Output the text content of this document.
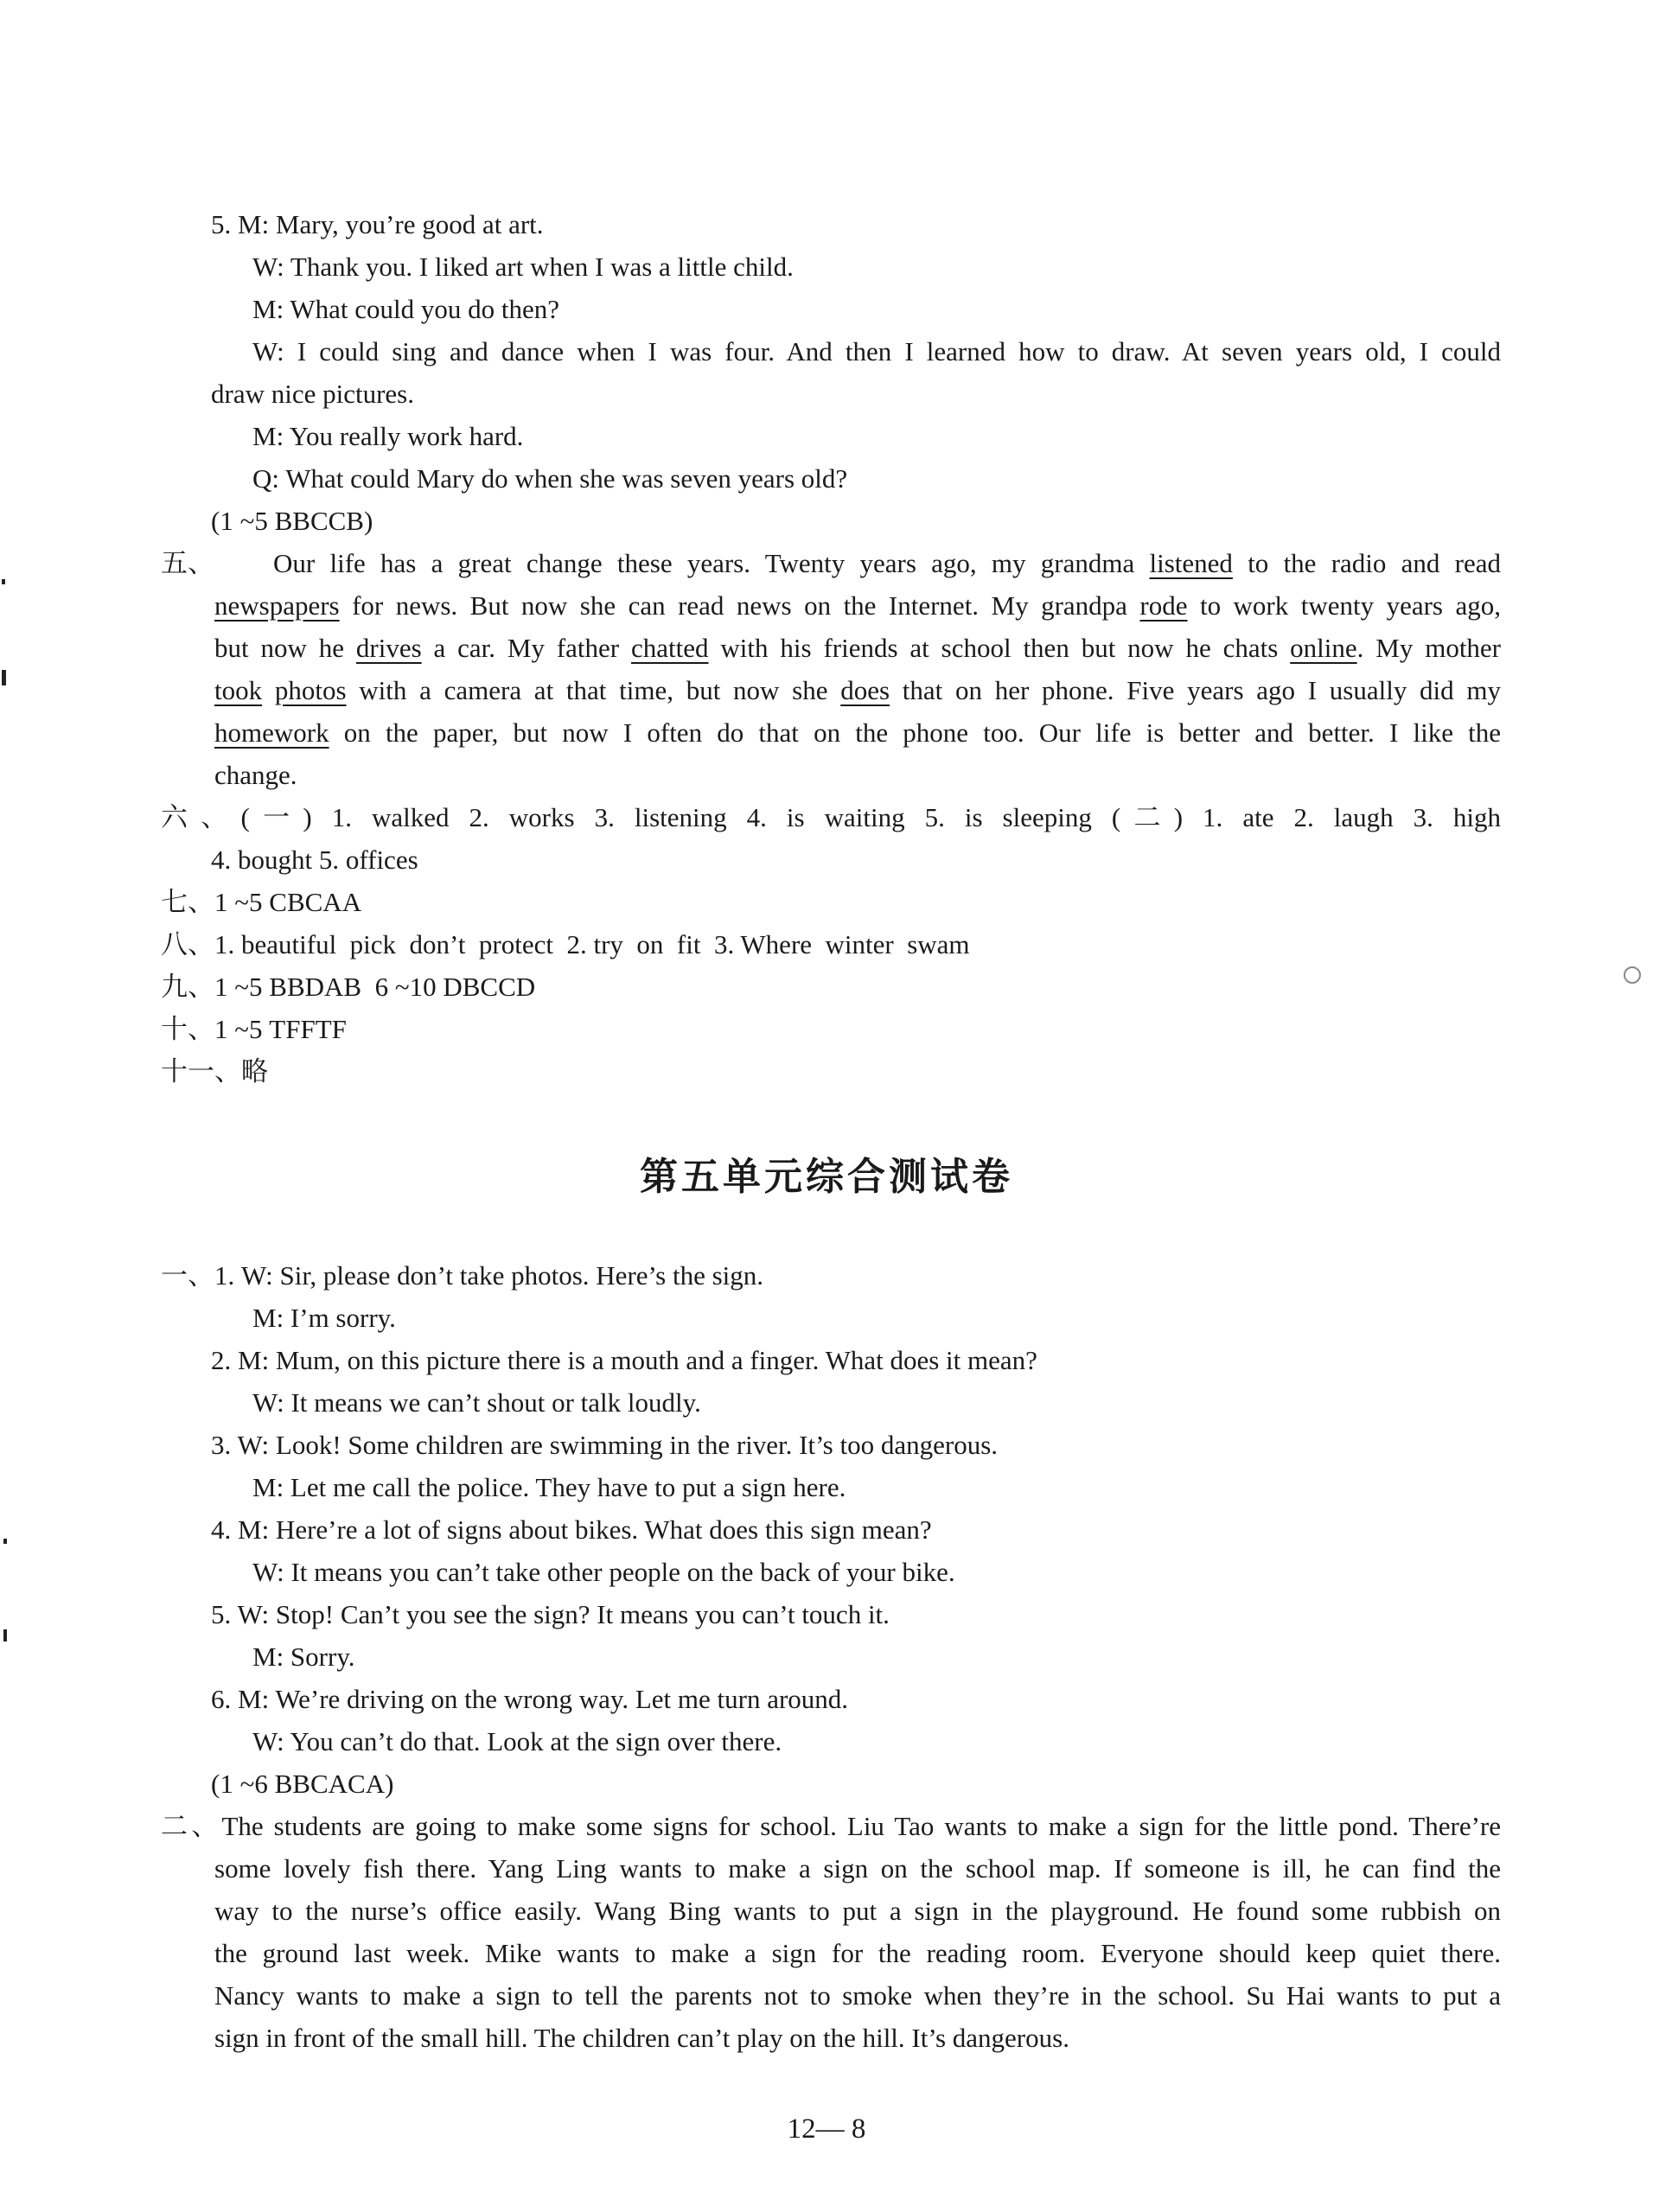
5. M: Mary, you’re good at art.
W: Thank you. I liked art when I was a little child.
M: What could you do then?
W: I could sing and dance when I was four. And then I learned how to draw. At seven years old, I could
draw nice pictures.
M: You really work hard.
Q: What could Mary do when she was seven years old?
(1 ~5 BBCCB)
五、 Our life has a great change these years. Twenty years ago, my grandma listened to the radio and read
newspapers for news. But now she can read news on the Internet. My grandpa rode to work twenty years ago,
but now he drives a car. My father chatted with his friends at school then but now he chats online. My mother
took photos with a camera at that time, but now she does that on her phone. Five years ago I usually did my
homework on the paper, but now I often do that on the phone too. Our life is better and better. I like the
change.
六、(一) 1. walked 2. works 3. listening 4. is waiting 5. is sleeping (二) 1. ate 2. laugh 3. high
4. bought 5. offices
七、1 ~5 CBCAA
八、1. beautiful  pick  don’t  protect  2. try  on  fit  3. Where  winter  swam
九、1 ~5 BBDAB  6 ~10 DBCCD
十、1 ~5 TFFTF
十一、略
第五单元综合测试卷
一、1. W: Sir, please don’t take photos. Here’s the sign.
M: I’m sorry.
2. M: Mum, on this picture there is a mouth and a finger. What does it mean?
W: It means we can’t shout or talk loudly.
3. W: Look! Some children are swimming in the river. It’s too dangerous.
M: Let me call the police. They have to put a sign here.
4. M: Here’re a lot of signs about bikes. What does this sign mean?
W: It means you can’t take other people on the back of your bike.
5. W: Stop! Can’t you see the sign? It means you can’t touch it.
M: Sorry.
6. M: We’re driving on the wrong way. Let me turn around.
W: You can’t do that. Look at the sign over there.
(1 ~6 BBCACA)
二、The students are going to make some signs for school. Liu Tao wants to make a sign for the little pond. There’re
some lovely fish there. Yang Ling wants to make a sign on the school map. If someone is ill, he can find the
way to the nurse’s office easily. Wang Bing wants to put a sign in the playground. He found some rubbish on
the ground last week. Mike wants to make a sign for the reading room. Everyone should keep quiet there.
Nancy wants to make a sign to tell the parents not to smoke when they’re in the school. Su Hai wants to put a
sign in front of the small hill. The children can’t play on the hill. It’s dangerous.
12— 8
